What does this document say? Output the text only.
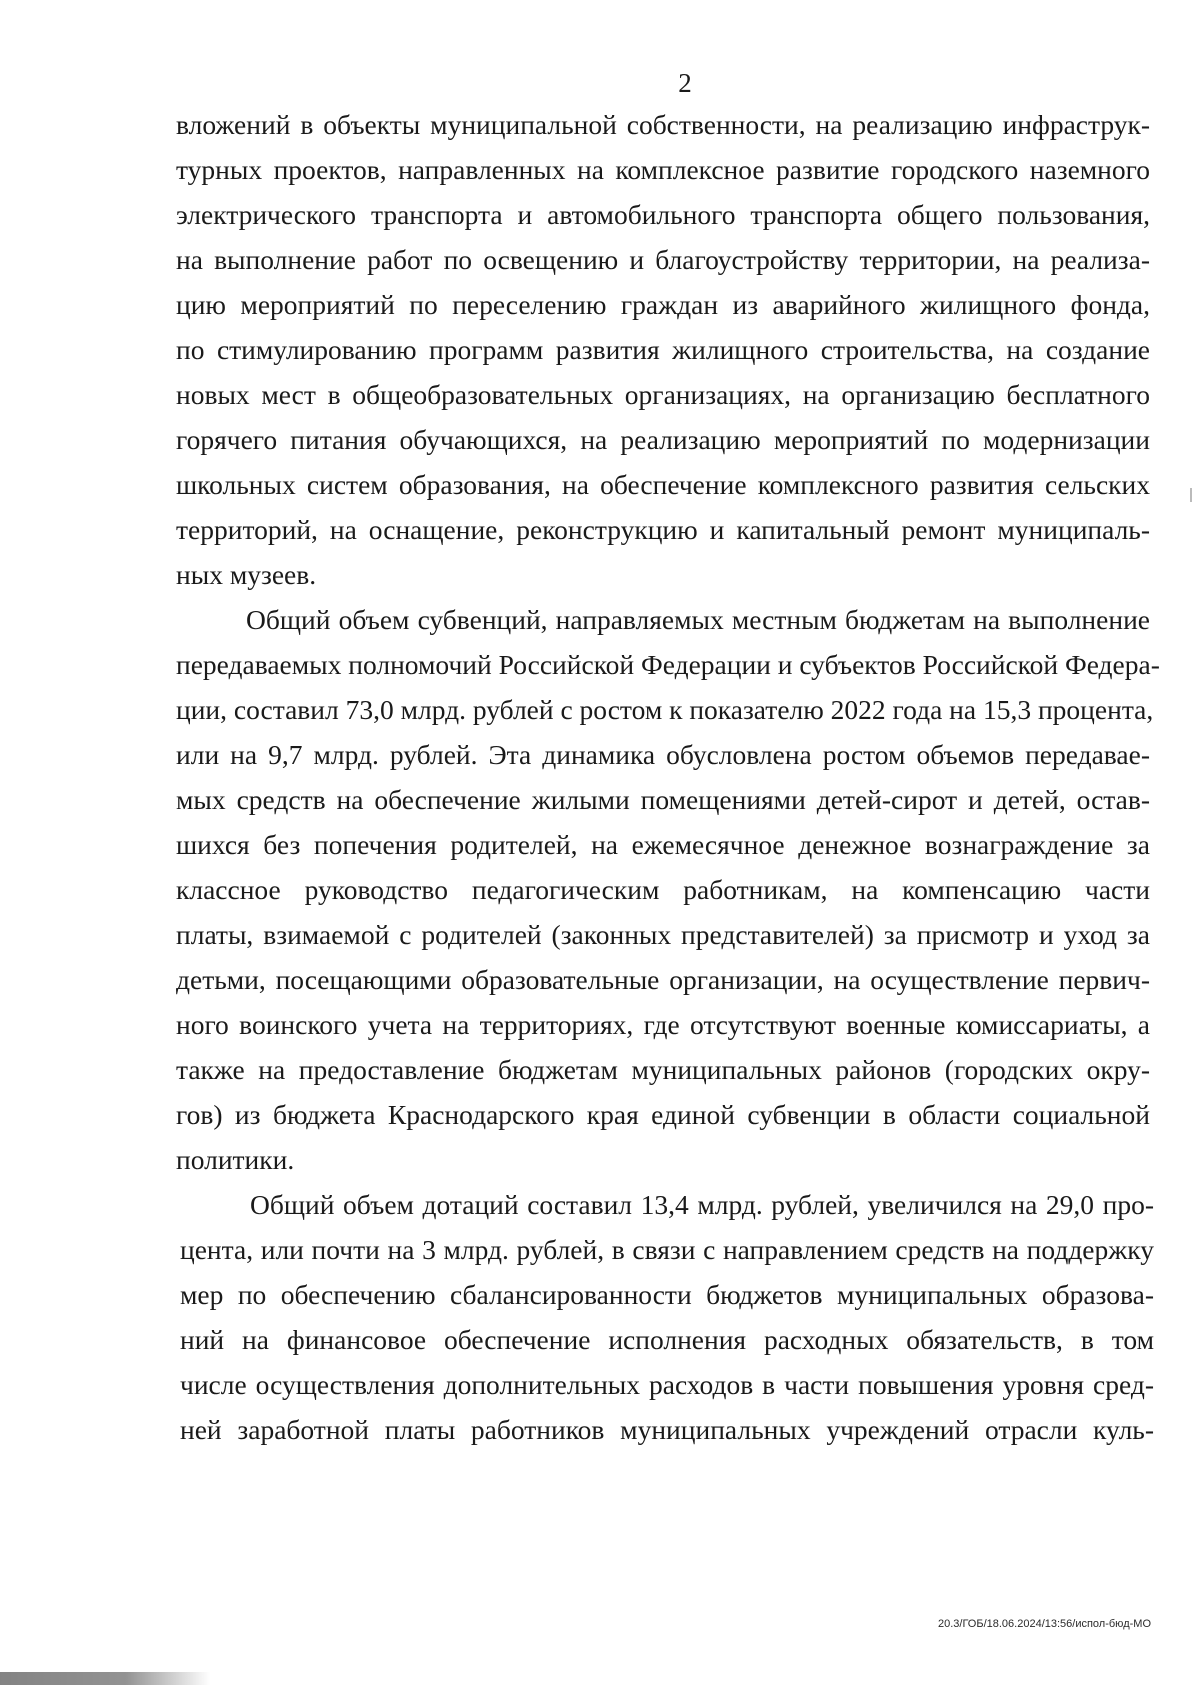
2
вложений в объекты муниципальной собственности, на реализацию инфраструк-
турных проектов, направленных на комплексное развитие городского наземного
электрического транспорта и автомобильного транспорта общего пользования,
на выполнение работ по освещению и благоустройству территории, на реализа-
цию мероприятий по переселению граждан из аварийного жилищного фонда,
по стимулированию программ развития жилищного строительства, на создание
новых мест в общеобразовательных организациях, на организацию бесплатного
горячего питания обучающихся, на реализацию мероприятий по модернизации
школьных систем образования, на обеспечение комплексного развития сельских
территорий, на оснащение, реконструкцию и капитальный ремонт муниципаль-
ных музеев.
Общий объем субвенций, направляемых местным бюджетам на выполнение
передаваемых полномочий Российской Федерации и субъектов Российской Федера-
ции, составил 73,0 млрд. рублей с ростом к показателю 2022 года на 15,3 процента,
или на 9,7 млрд. рублей. Эта динамика обусловлена ростом объемов передавае-
мых средств на обеспечение жилыми помещениями детей-сирот и детей, остав-
шихся без попечения родителей, на ежемесячное денежное вознаграждение за
классное руководство педагогическим работникам, на компенсацию части
платы, взимаемой с родителей (законных представителей) за присмотр и уход за
детьми, посещающими образовательные организации, на осуществление первич-
ного воинского учета на территориях, где отсутствуют военные комиссариаты, а
также на предоставление бюджетам муниципальных районов (городских окру-
гов) из бюджета Краснодарского края единой субвенции в области социальной
политики.
Общий объем дотаций составил 13,4 млрд. рублей, увеличился на 29,0 про-
цента, или почти на 3 млрд. рублей, в связи с направлением средств на поддержку
мер по обеспечению сбалансированности бюджетов муниципальных образова-
ний на финансовое обеспечение исполнения расходных обязательств, в том
числе осуществления дополнительных расходов в части повышения уровня сред-
ней заработной платы работников муниципальных учреждений отрасли куль-
20.3/ГОБ/18.06.2024/13:56/испол-бюд-МО
